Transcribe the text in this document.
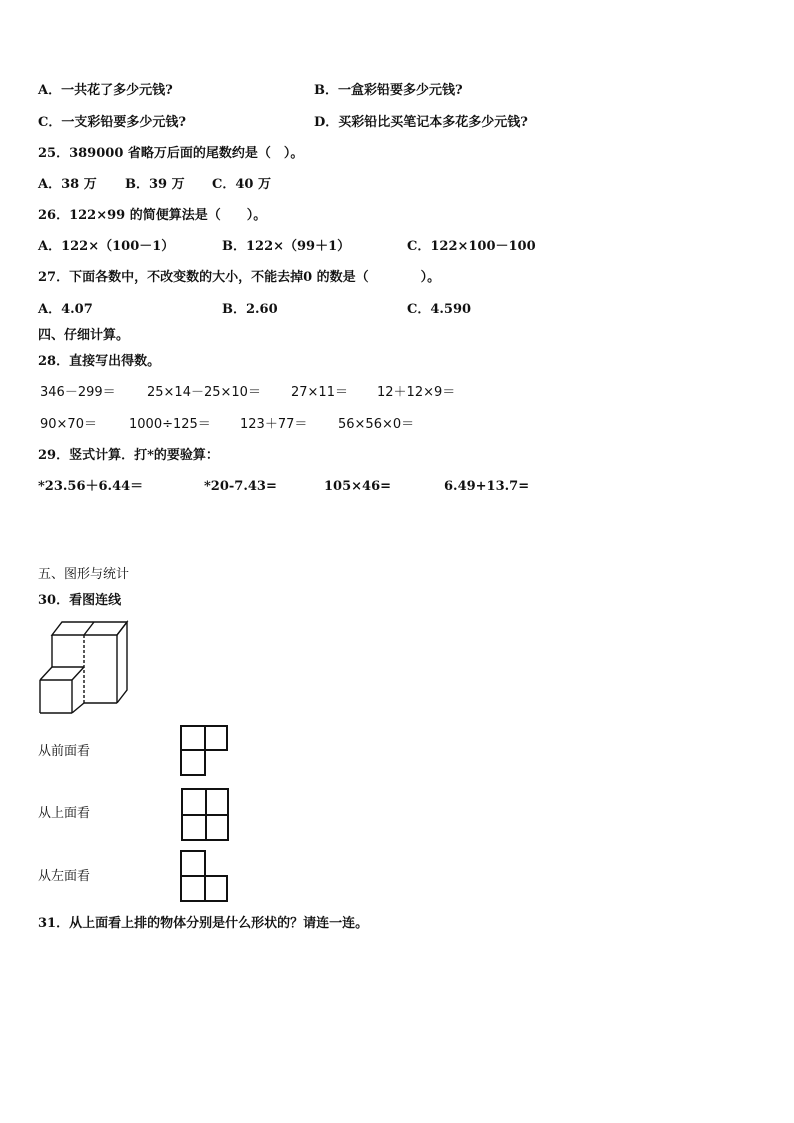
A．一共花了多少元钱?	B．一盒彩铅要多少元钱?
C．一支彩铅要多少元钱?	D．买彩铅比买笔记本多花多少元钱?
25．389000 省略万后面的尾数约是（　）。
A．38 万 B．39 万 C．40 万
26．122×99 的简便算法是（　　）。
A．122×（100－1）	B．122×（99＋1）	C．122×100－100
27．下面各数中，不改变数的大小，不能去掉0 的数是（　　　　）。
A．4.07	B．2.60	C．4.590
四、仔细计算。
28．直接写出得数。
346－299＝ 25×14－25×10＝ 27×11＝ 12＋12×9＝
90×70＝ 1000÷125＝ 123＋77＝ 56×56×0＝
29．竖式计算．打*的要验算：
*23.56＋6.44＝	*20-7.43=	105×46=	6.49+13.7=
五、图形与统计
30．看图连线
从前面看
从上面看
从左面看
31．从上面看上排的物体分别是什么形状的？请连一连。
